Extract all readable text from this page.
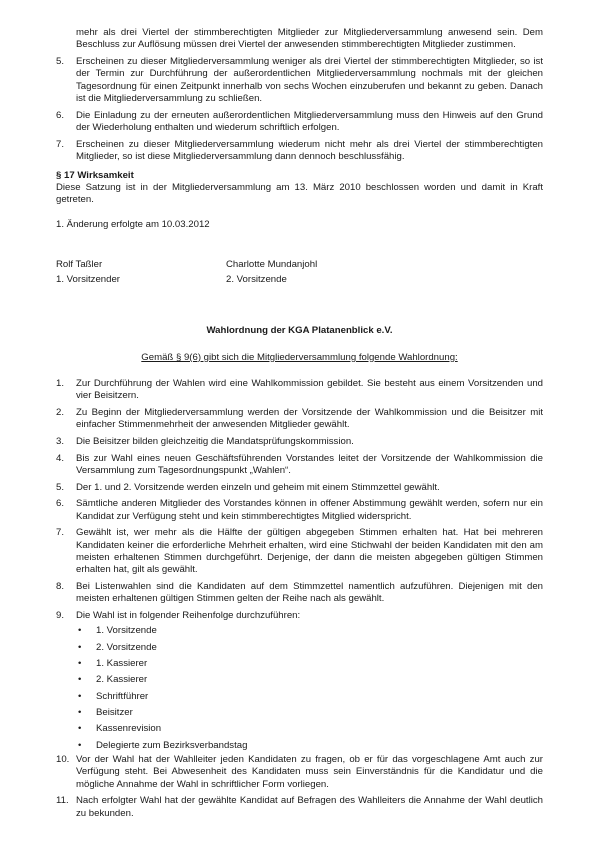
mehr als drei Viertel der stimmberechtigten Mitglieder zur Mitgliederversammlung anwesend sein. Dem Beschluss zur Auflösung müssen drei Viertel der anwesenden stimmberechtigten Mitglieder zustimmen.
5. Erscheinen zu dieser Mitgliederversammlung weniger als drei Viertel der stimmberechtigten Mitglieder, so ist der Termin zur Durchführung der außerordentlichen Mitgliederversammlung nochmals mit der gleichen Tagesordnung für einen Zeitpunkt innerhalb von sechs Wochen einzuberufen und bekannt zu geben. Danach ist die Mitgliederversammlung zu schließen.
6. Die Einladung zu der erneuten außerordentlichen Mitgliederversammlung muss den Hinweis auf den Grund der Wiederholung enthalten und wiederum schriftlich erfolgen.
7. Erscheinen zu dieser Mitgliederversammlung wiederum nicht mehr als drei Viertel der stimmberechtigten Mitglieder, so ist diese Mitgliederversammlung dann dennoch beschlussfähig.
§ 17 Wirksamkeit
Diese Satzung ist in der Mitgliederversammlung am 13. März 2010 beschlossen worden und damit in Kraft getreten.
1. Änderung erfolgte am 10.03.2012
Rolf Taßler
1. Vorsitzender
Charlotte Mundanjohl
2. Vorsitzende
Wahlordnung der KGA Platanenblick e.V.
Gemäß § 9(6) gibt sich die Mitgliederversammlung folgende Wahlordnung:
1. Zur Durchführung der Wahlen wird eine Wahlkommission gebildet. Sie besteht aus einem Vorsitzenden und vier Beisitzern.
2. Zu Beginn der Mitgliederversammlung werden der Vorsitzende der Wahlkommission und die Beisitzer mit einfacher Stimmenmehrheit der anwesenden Mitglieder gewählt.
3. Die Beisitzer bilden gleichzeitig die Mandatsprüfungskommission.
4. Bis zur Wahl eines neuen Geschäftsführenden Vorstandes leitet der Vorsitzende der Wahlkommission die Versammlung zum Tagesordnungspunkt „Wahlen“.
5. Der 1. und 2. Vorsitzende werden einzeln und geheim mit einem Stimmzettel gewählt.
6. Sämtliche anderen Mitglieder des Vorstandes können in offener Abstimmung gewählt werden, sofern nur ein Kandidat zur Verfügung steht und kein stimmberechtigtes Mitglied widerspricht.
7. Gewählt ist, wer mehr als die Hälfte der gültigen abgegeben Stimmen erhalten hat. Hat bei mehreren Kandidaten keiner die erforderliche Mehrheit erhalten, wird eine Stichwahl der beiden Kandidaten mit den am meisten erhaltenen Stimmen durchgeführt. Derjenige, der dann die meisten abgegeben gültigen Stimmen erhalten hat, gilt als gewählt.
8. Bei Listenwahlen sind die Kandidaten auf dem Stimmzettel namentlich aufzuführen. Diejenigen mit den meisten erhaltenen gültigen Stimmen gelten der Reihe nach als gewählt.
9. Die Wahl ist in folgender Reihenfolge durchzuführen:
• 1. Vorsitzende
• 2. Vorsitzende
• 1. Kassierer
• 2. Kassierer
• Schriftführer
• Beisitzer
• Kassenrevision
• Delegierte zum Bezirksverbandstag
10. Vor der Wahl hat der Wahlleiter jeden Kandidaten zu fragen, ob er für das vorgeschlagene Amt auch zur Verfügung steht. Bei Abwesenheit des Kandidaten muss sein Einverständnis für die Kandidatur und die mögliche Annahme der Wahl in schriftlicher Form vorliegen.
11. Nach erfolgter Wahl hat der gewählte Kandidat auf Befragen des Wahlleiters die Annahme der Wahl deutlich zu bekunden.
